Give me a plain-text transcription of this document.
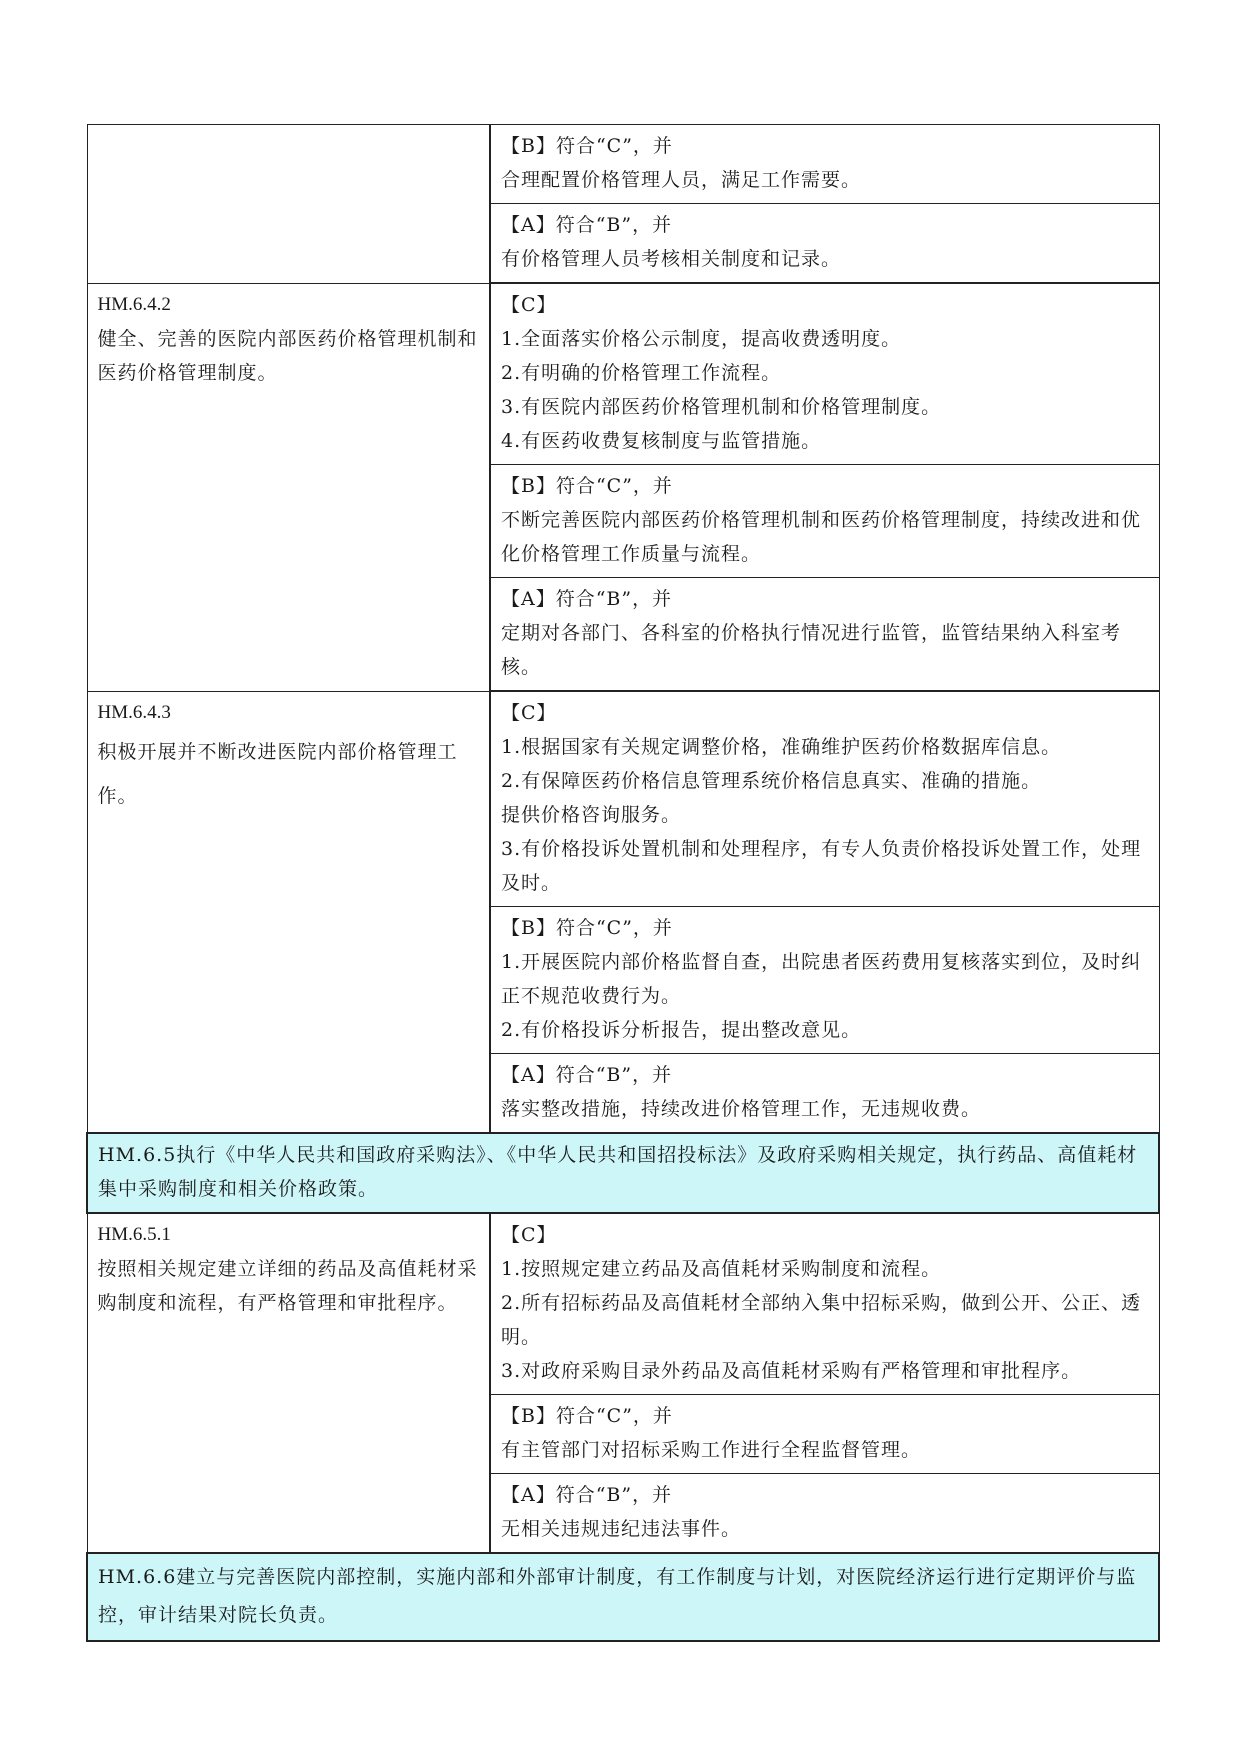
	【B】符合“C”，并
合理配置价格管理人员，满足工作需要。

	【A】符合“B”，并
有价格管理人员考核相关制度和记录。

HM.6.4.2
健全、完善的医院内部医药价格管理机制和医药价格管理制度。	【C】
1.全面落实价格公示制度，提高收费透明度。
2.有明确的价格管理工作流程。
3.有医院内部医药价格管理机制和价格管理制度。
4.有医药收费复核制度与监管措施。

	【B】符合“C”，并
不断完善医院内部医药价格管理机制和医药价格管理制度，持续改进和优化价格管理工作质量与流程。

	【A】符合“B”，并
定期对各部门、各科室的价格执行情况进行监管，监管结果纳入科室考核。

HM.6.4.3
积极开展并不断改进医院内部价格管理工作。	【C】
1.根据国家有关规定调整价格，准确维护医药价格数据库信息。
2.有保障医药价格信息管理系统价格信息真实、准确的措施。
提供价格咨询服务。
3.有价格投诉处置机制和处理程序，有专人负责价格投诉处置工作，处理及时。

	【B】符合“C”，并
1.开展医院内部价格监督自查，出院患者医药费用复核落实到位，及时纠正不规范收费行为。
2.有价格投诉分析报告，提出整改意见。

	【A】符合“B”，并
落实整改措施，持续改进价格管理工作，无违规收费。

HM.6.5执行《中华人民共和国政府采购法》、《中华人民共和国招投标法》及政府采购相关规定，执行药品、高值耗材集中采购制度和相关价格政策。	

HM.6.5.1
按照相关规定建立详细的药品及高值耗材采购制度和流程，有严格管理和审批程序。	【C】
1.按照规定建立药品及高值耗材采购制度和流程。
2.所有招标药品及高值耗材全部纳入集中招标采购，做到公开、公正、透明。
3.对政府采购目录外药品及高值耗材采购有严格管理和审批程序。

	【B】符合“C”，并
有主管部门对招标采购工作进行全程监督管理。

	【A】符合“B”，并
无相关违规违纪违法事件。

HM.6.6建立与完善医院内部控制，实施内部和外部审计制度，有工作制度与计划，对医院经济运行进行定期评价与监控，审计结果对院长负责。	
